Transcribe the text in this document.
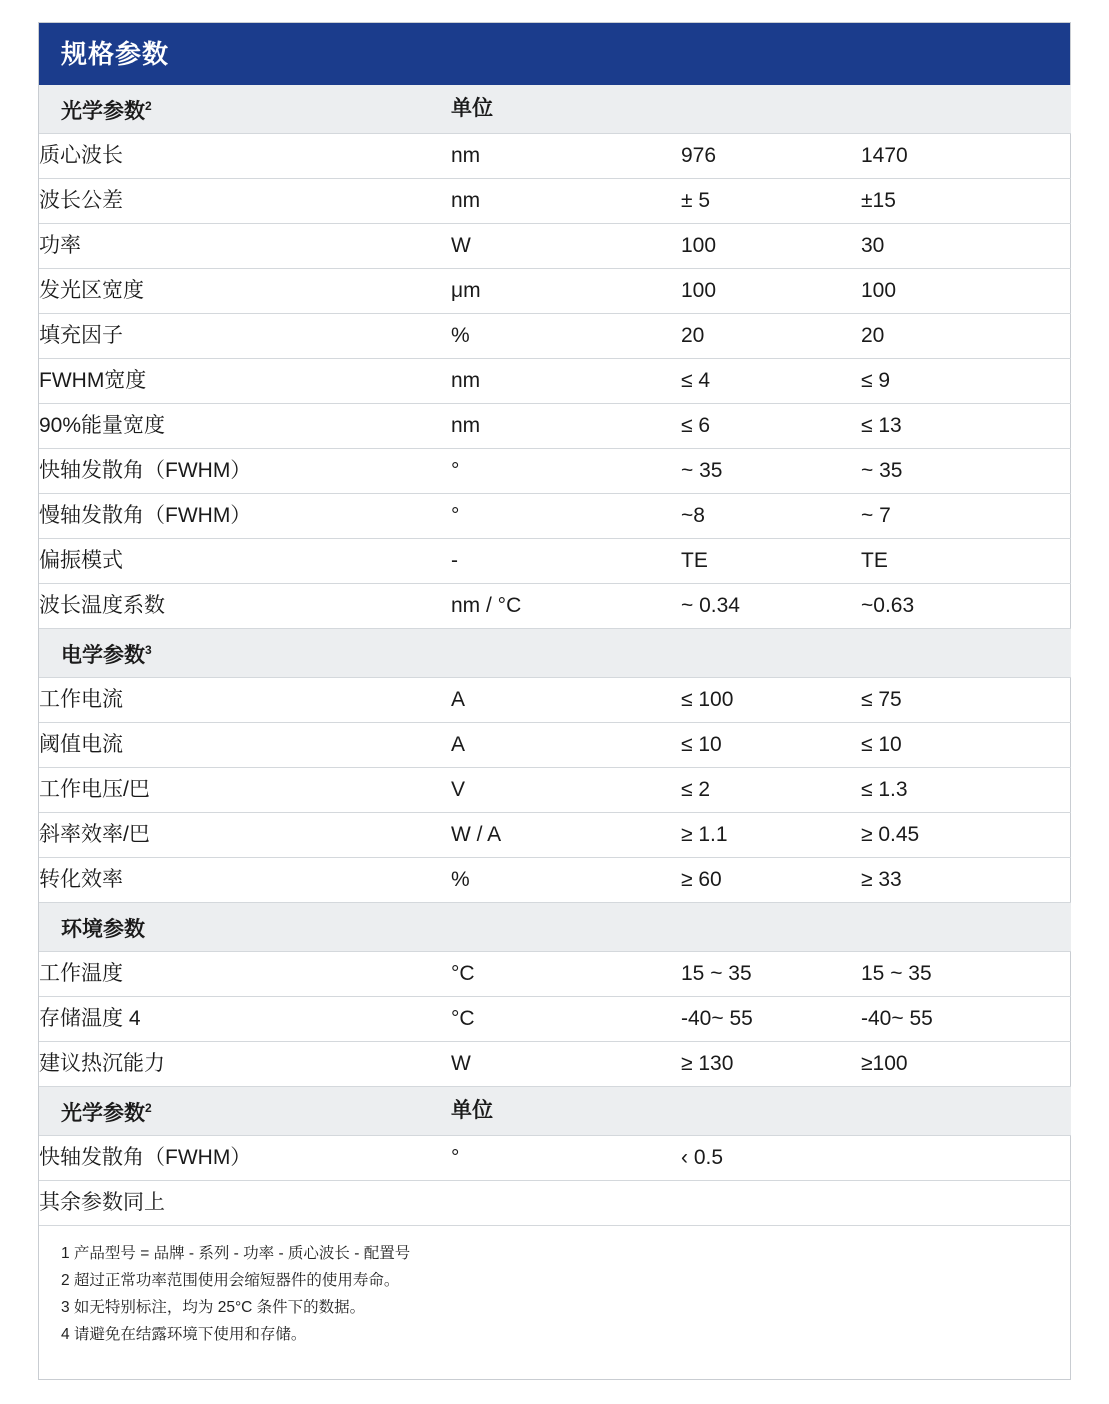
规格参数
光学参数$^2$	单位		
质心波长	nm	976	1470
波长公差	nm	± 5	±15
功率	W	100	30
发光区宽度	μm	100	100
填充因子	%	20	20
FWHM宽度	nm	≤ 4	≤ 9
90%能量宽度	nm	≤ 6	≤ 13
快轴发散角（FWHM）	°	~ 35	~ 35
慢轴发散角（FWHM）	°	~8	~ 7
偏振模式	-	TE	TE
波长温度系数	nm / °C	~ 0.34	~0.63
电学参数$^3$			
工作电流	A	≤ 100	≤ 75
阈值电流	A	≤ 10	≤ 10
工作电压/巴	V	≤ 2	≤ 1.3
斜率效率/巴	W / A	≥ 1.1	≥ 0.45
转化效率	%	≥ 60	≥ 33
环境参数			
工作温度	°C	15 ~ 35	15 ~ 35
存储温度 4	°C	-40~ 55	-40~ 55
建议热沉能力	W	≥ 130	≥100
光学参数$^2$	单位		
快轴发散角（FWHM）	°	‹ 0.5	
其余参数同上			
1 产品型号 = 品牌 - 系列 - 功率 - 质心波长 - 配置号
2 超过正常功率范围使用会缩短器件的使用寿命。
3 如无特别标注，均为 25°C 条件下的数据。
4 请避免在结露环境下使用和存储。
